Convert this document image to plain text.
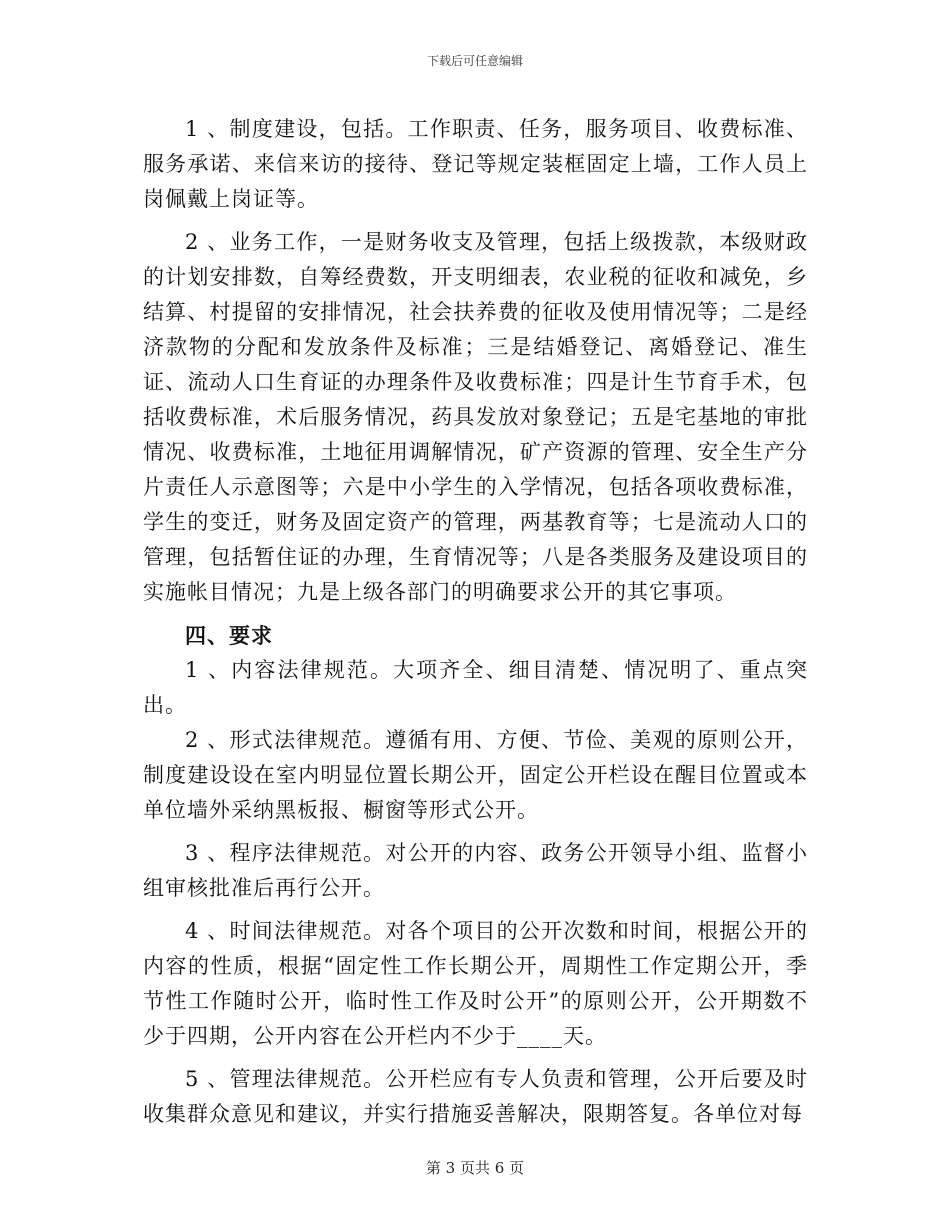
下载后可任意编辑

1 、制度建设，包括。工作职责、任务，服务项目、收费标准、服务承诺、来信来访的接待、登记等规定装框固定上墙，工作人员上岗佩戴上岗证等。

2 、业务工作，一是财务收支及管理，包括上级拨款，本级财政的计划安排数，自筹经费数，开支明细表，农业税的征收和减免，乡结算、村提留的安排情况，社会扶养费的征收及使用情况等；二是经济款物的分配和发放条件及标准；三是结婚登记、离婚登记、准生证、流动人口生育证的办理条件及收费标准；四是计生节育手术，包括收费标准，术后服务情况，药具发放对象登记；五是宅基地的审批情况、收费标准，土地征用调解情况，矿产资源的管理、安全生产分片责任人示意图等；六是中小学生的入学情况，包括各项收费标准，学生的变迁，财务及固定资产的管理，两基教育等；七是流动人口的管理，包括暂住证的办理，生育情况等；八是各类服务及建设项目的实施帐目情况；九是上级各部门的明确要求公开的其它事项。

四、要求

1 、内容法律规范。大项齐全、细目清楚、情况明了、重点突出。

2 、形式法律规范。遵循有用、方便、节俭、美观的原则公开，制度建设设在室内明显位置长期公开，固定公开栏设在醒目位置或本单位墙外采纳黑板报、橱窗等形式公开。

3 、程序法律规范。对公开的内容、政务公开领导小组、监督小组审核批准后再行公开。

4 、时间法律规范。对各个项目的公开次数和时间，根据公开的内容的性质，根据“固定性工作长期公开，周期性工作定期公开，季节性工作随时公开，临时性工作及时公开”的原则公开，公开期数不少于四期，公开内容在公开栏内不少于____天。

5 、管理法律规范。公开栏应有专人负责和管理，公开后要及时收集群众意见和建议，并实行措施妥善解决，限期答复。各单位对每

第 3 页共 6 页
